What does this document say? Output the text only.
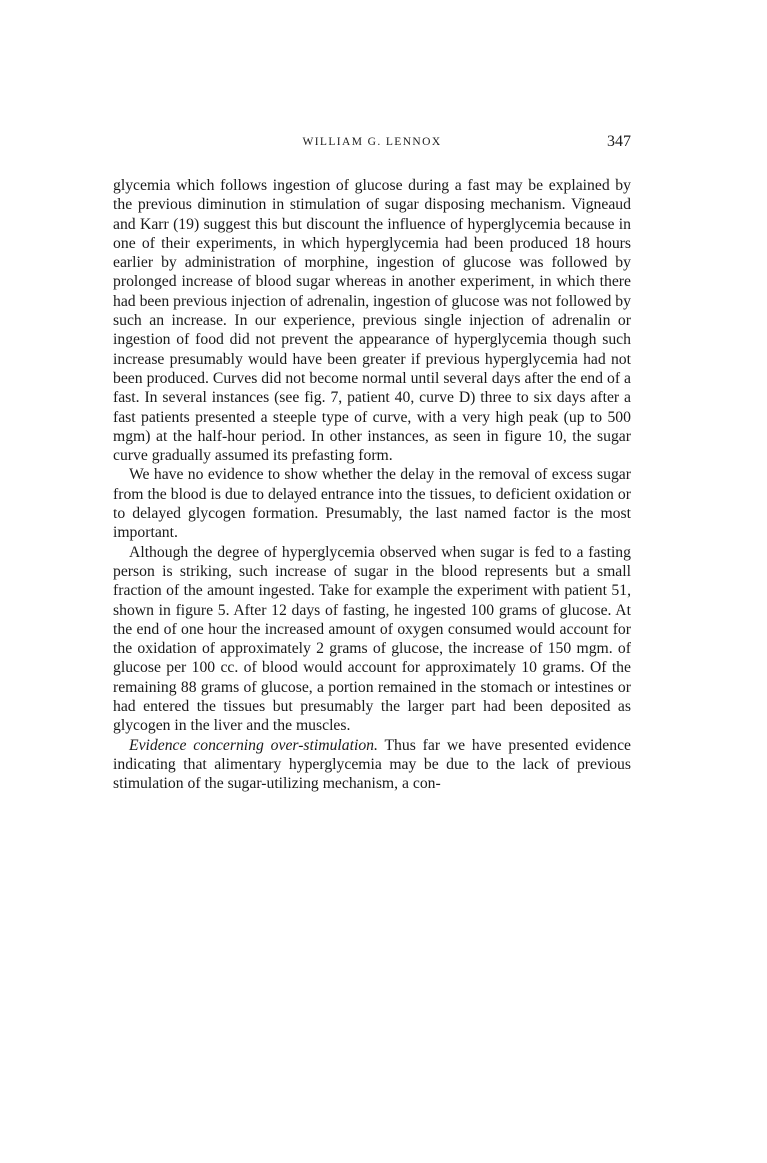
WILLIAM G. LENNOX	347

glycemia which follows ingestion of glucose during a fast may be explained by the previous diminution in stimulation of sugar disposing mechanism. Vigneaud and Karr (19) suggest this but discount the influence of hyperglycemia because in one of their experiments, in which hyperglycemia had been produced 18 hours earlier by administration of morphine, ingestion of glucose was followed by prolonged increase of blood sugar whereas in another experiment, in which there had been previous injection of adrenalin, ingestion of glucose was not followed by such an increase. In our experience, previous single injection of adrenalin or ingestion of food did not prevent the appearance of hyperglycemia though such increase presumably would have been greater if previous hyperglycemia had not been produced. Curves did not become normal until several days after the end of a fast. In several instances (see fig. 7, patient 40, curve D) three to six days after a fast patients presented a steeple type of curve, with a very high peak (up to 500 mgm) at the half-hour period. In other instances, as seen in figure 10, the sugar curve gradually assumed its prefasting form.

We have no evidence to show whether the delay in the removal of excess sugar from the blood is due to delayed entrance into the tissues, to deficient oxidation or to delayed glycogen formation. Presumably, the last named factor is the most important.

Although the degree of hyperglycemia observed when sugar is fed to a fasting person is striking, such increase of sugar in the blood represents but a small fraction of the amount ingested. Take for example the experiment with patient 51, shown in figure 5. After 12 days of fasting, he ingested 100 grams of glucose. At the end of one hour the increased amount of oxygen consumed would account for the oxidation of approximately 2 grams of glucose, the increase of 150 mgm. of glucose per 100 cc. of blood would account for approximately 10 grams. Of the remaining 88 grams of glucose, a portion remained in the stomach or intestines or had entered the tissues but presumably the larger part had been deposited as glycogen in the liver and the muscles.

Evidence concerning over-stimulation. Thus far we have presented evidence indicating that alimentary hyperglycemia may be due to the lack of previous stimulation of the sugar-utilizing mechanism, a con-
